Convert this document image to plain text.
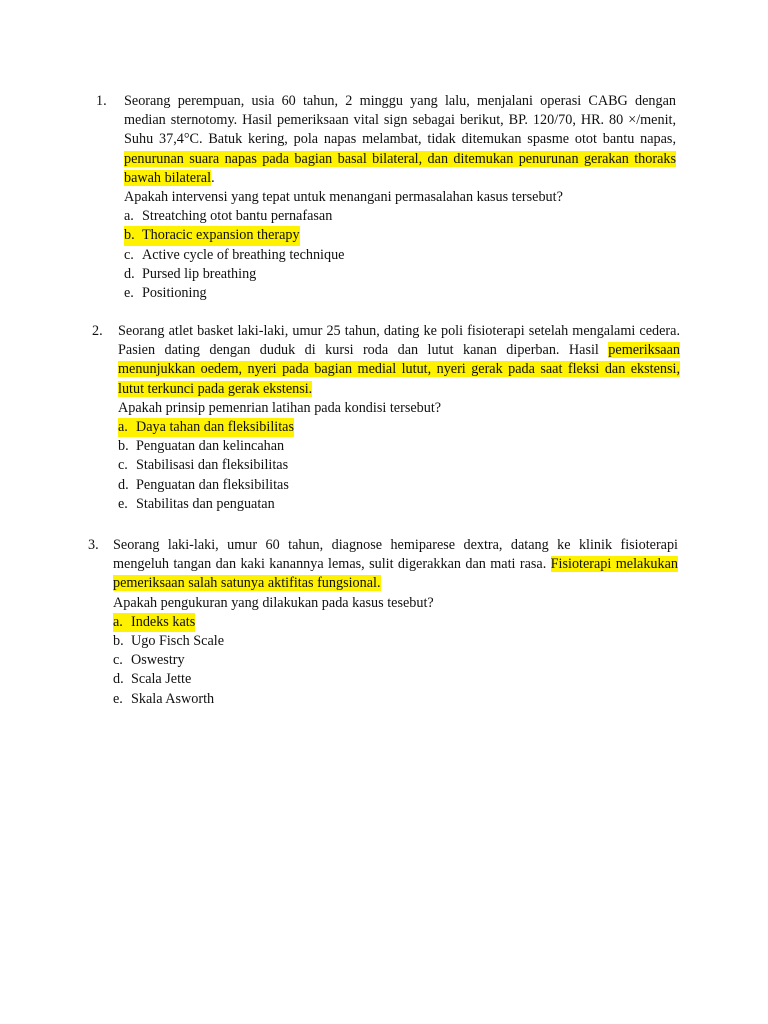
1. Seorang perempuan, usia 60 tahun, 2 minggu yang lalu, menjalani operasi CABG dengan median sternotomy. Hasil pemeriksaan vital sign sebagai berikut, BP. 120/70, HR. 80 ×/menit, Suhu 37,4°C. Batuk kering, pola napas melambat, tidak ditemukan spasme otot bantu napas, penurunan suara napas pada bagian basal bilateral, dan ditemukan penurunan gerakan thoraks bawah bilateral.

Apakah intervensi yang tepat untuk menangani permasalahan kasus tersebut?

a. Streatching otot bantu pernafasan
b. Thoracic expansion therapy
c. Active cycle of breathing technique
d. Pursed lip breathing
e. Positioning
2. Seorang atlet basket laki-laki, umur 25 tahun, dating ke poli fisioterapi setelah mengalami cedera. Pasien dating dengan duduk di kursi roda dan lutut kanan diperban. Hasil pemeriksaan menunjukkan oedem, nyeri pada bagian medial lutut, nyeri gerak pada saat fleksi dan ekstensi, lutut terkunci pada gerak ekstensi.

Apakah prinsip pemenrian latihan pada kondisi tersebut?

a. Daya tahan dan fleksibilitas
b. Penguatan dan kelincahan
c. Stabilisasi dan fleksibilitas
d. Penguatan dan fleksibilitas
e. Stabilitas dan penguatan
3. Seorang laki-laki, umur 60 tahun, diagnose hemiparese dextra, datang ke klinik fisioterapi mengeluh tangan dan kaki kanannya lemas, sulit digerakkan dan mati rasa. Fisioterapi melakukan pemeriksaan salah satunya aktifitas fungsional.

Apakah pengukuran yang dilakukan pada kasus tesebut?

a. Indeks kats
b. Ugo Fisch Scale
c. Oswestry
d. Scala Jette
e. Skala Asworth
